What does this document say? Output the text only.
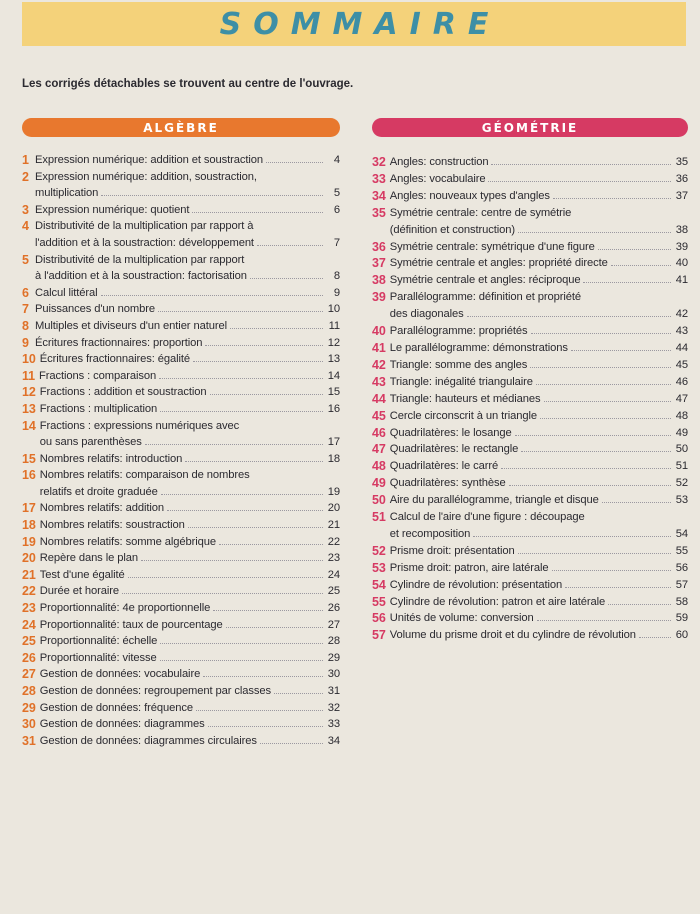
SOMMAIRE
Les corrigés détachables se trouvent au centre de l'ouvrage.
ALGÈBRE
1 Expression numérique: addition et soustraction	4
2 Expression numérique: addition, soustraction,
multiplication	5
3 Expression numérique: quotient	6
4 Distributivité de la multiplication par rapport à
l'addition et à la soustraction: développement	7
5 Distributivité de la multiplication par rapport
à l'addition et à la soustraction: factorisation	8
6 Calcul littéral	9
7 Puissances d'un nombre	10
8 Multiples et diviseurs d'un entier naturel	11
9 Écritures fractionnaires: proportion	12
10 Écritures fractionnaires: égalité	13
11 Fractions : comparaison	14
12 Fractions : addition et soustraction	15
13 Fractions : multiplication	16
14 Fractions : expressions numériques avec
ou sans parenthèses	17
15 Nombres relatifs: introduction	18
16 Nombres relatifs: comparaison de nombres
relatifs et droite graduée	19
17 Nombres relatifs: addition	20
18 Nombres relatifs: soustraction	21
19 Nombres relatifs: somme algébrique	22
20 Repère dans le plan	23
21 Test d'une égalité	24
22 Durée et horaire	25
23 Proportionnalité: 4e proportionnelle	26
24 Proportionnalité: taux de pourcentage	27
25 Proportionnalité: échelle	28
26 Proportionnalité: vitesse	29
27 Gestion de données: vocabulaire	30
28 Gestion de données: regroupement par classes	31
29 Gestion de données: fréquence	32
30 Gestion de données: diagrammes	33
31 Gestion de données: diagrammes circulaires	34
GÉOMÉTRIE
32 Angles: construction	35
33 Angles: vocabulaire	36
34 Angles: nouveaux types d'angles	37
35 Symétrie centrale: centre de symétrie
(définition et construction)	38
36 Symétrie centrale: symétrique d'une figure	39
37 Symétrie centrale et angles: propriété directe	40
38 Symétrie centrale et angles: réciproque	41
39 Parallélogramme: définition et propriété
des diagonales	42
40 Parallélogramme: propriétés	43
41 Le parallélogramme: démonstrations	44
42 Triangle: somme des angles	45
43 Triangle: inégalité triangulaire	46
44 Triangle: hauteurs et médianes	47
45 Cercle circonscrit à un triangle	48
46 Quadrilatères: le losange	49
47 Quadrilatères: le rectangle	50
48 Quadrilatères: le carré	51
49 Quadrilatères: synthèse	52
50 Aire du parallélogramme, triangle et disque	53
51 Calcul de l'aire d'une figure : découpage
et recomposition	54
52 Prisme droit: présentation	55
53 Prisme droit: patron, aire latérale	56
54 Cylindre de révolution: présentation	57
55 Cylindre de révolution: patron et aire latérale	58
56 Unités de volume: conversion	59
57 Volume du prisme droit et du cylindre de révolution	60
